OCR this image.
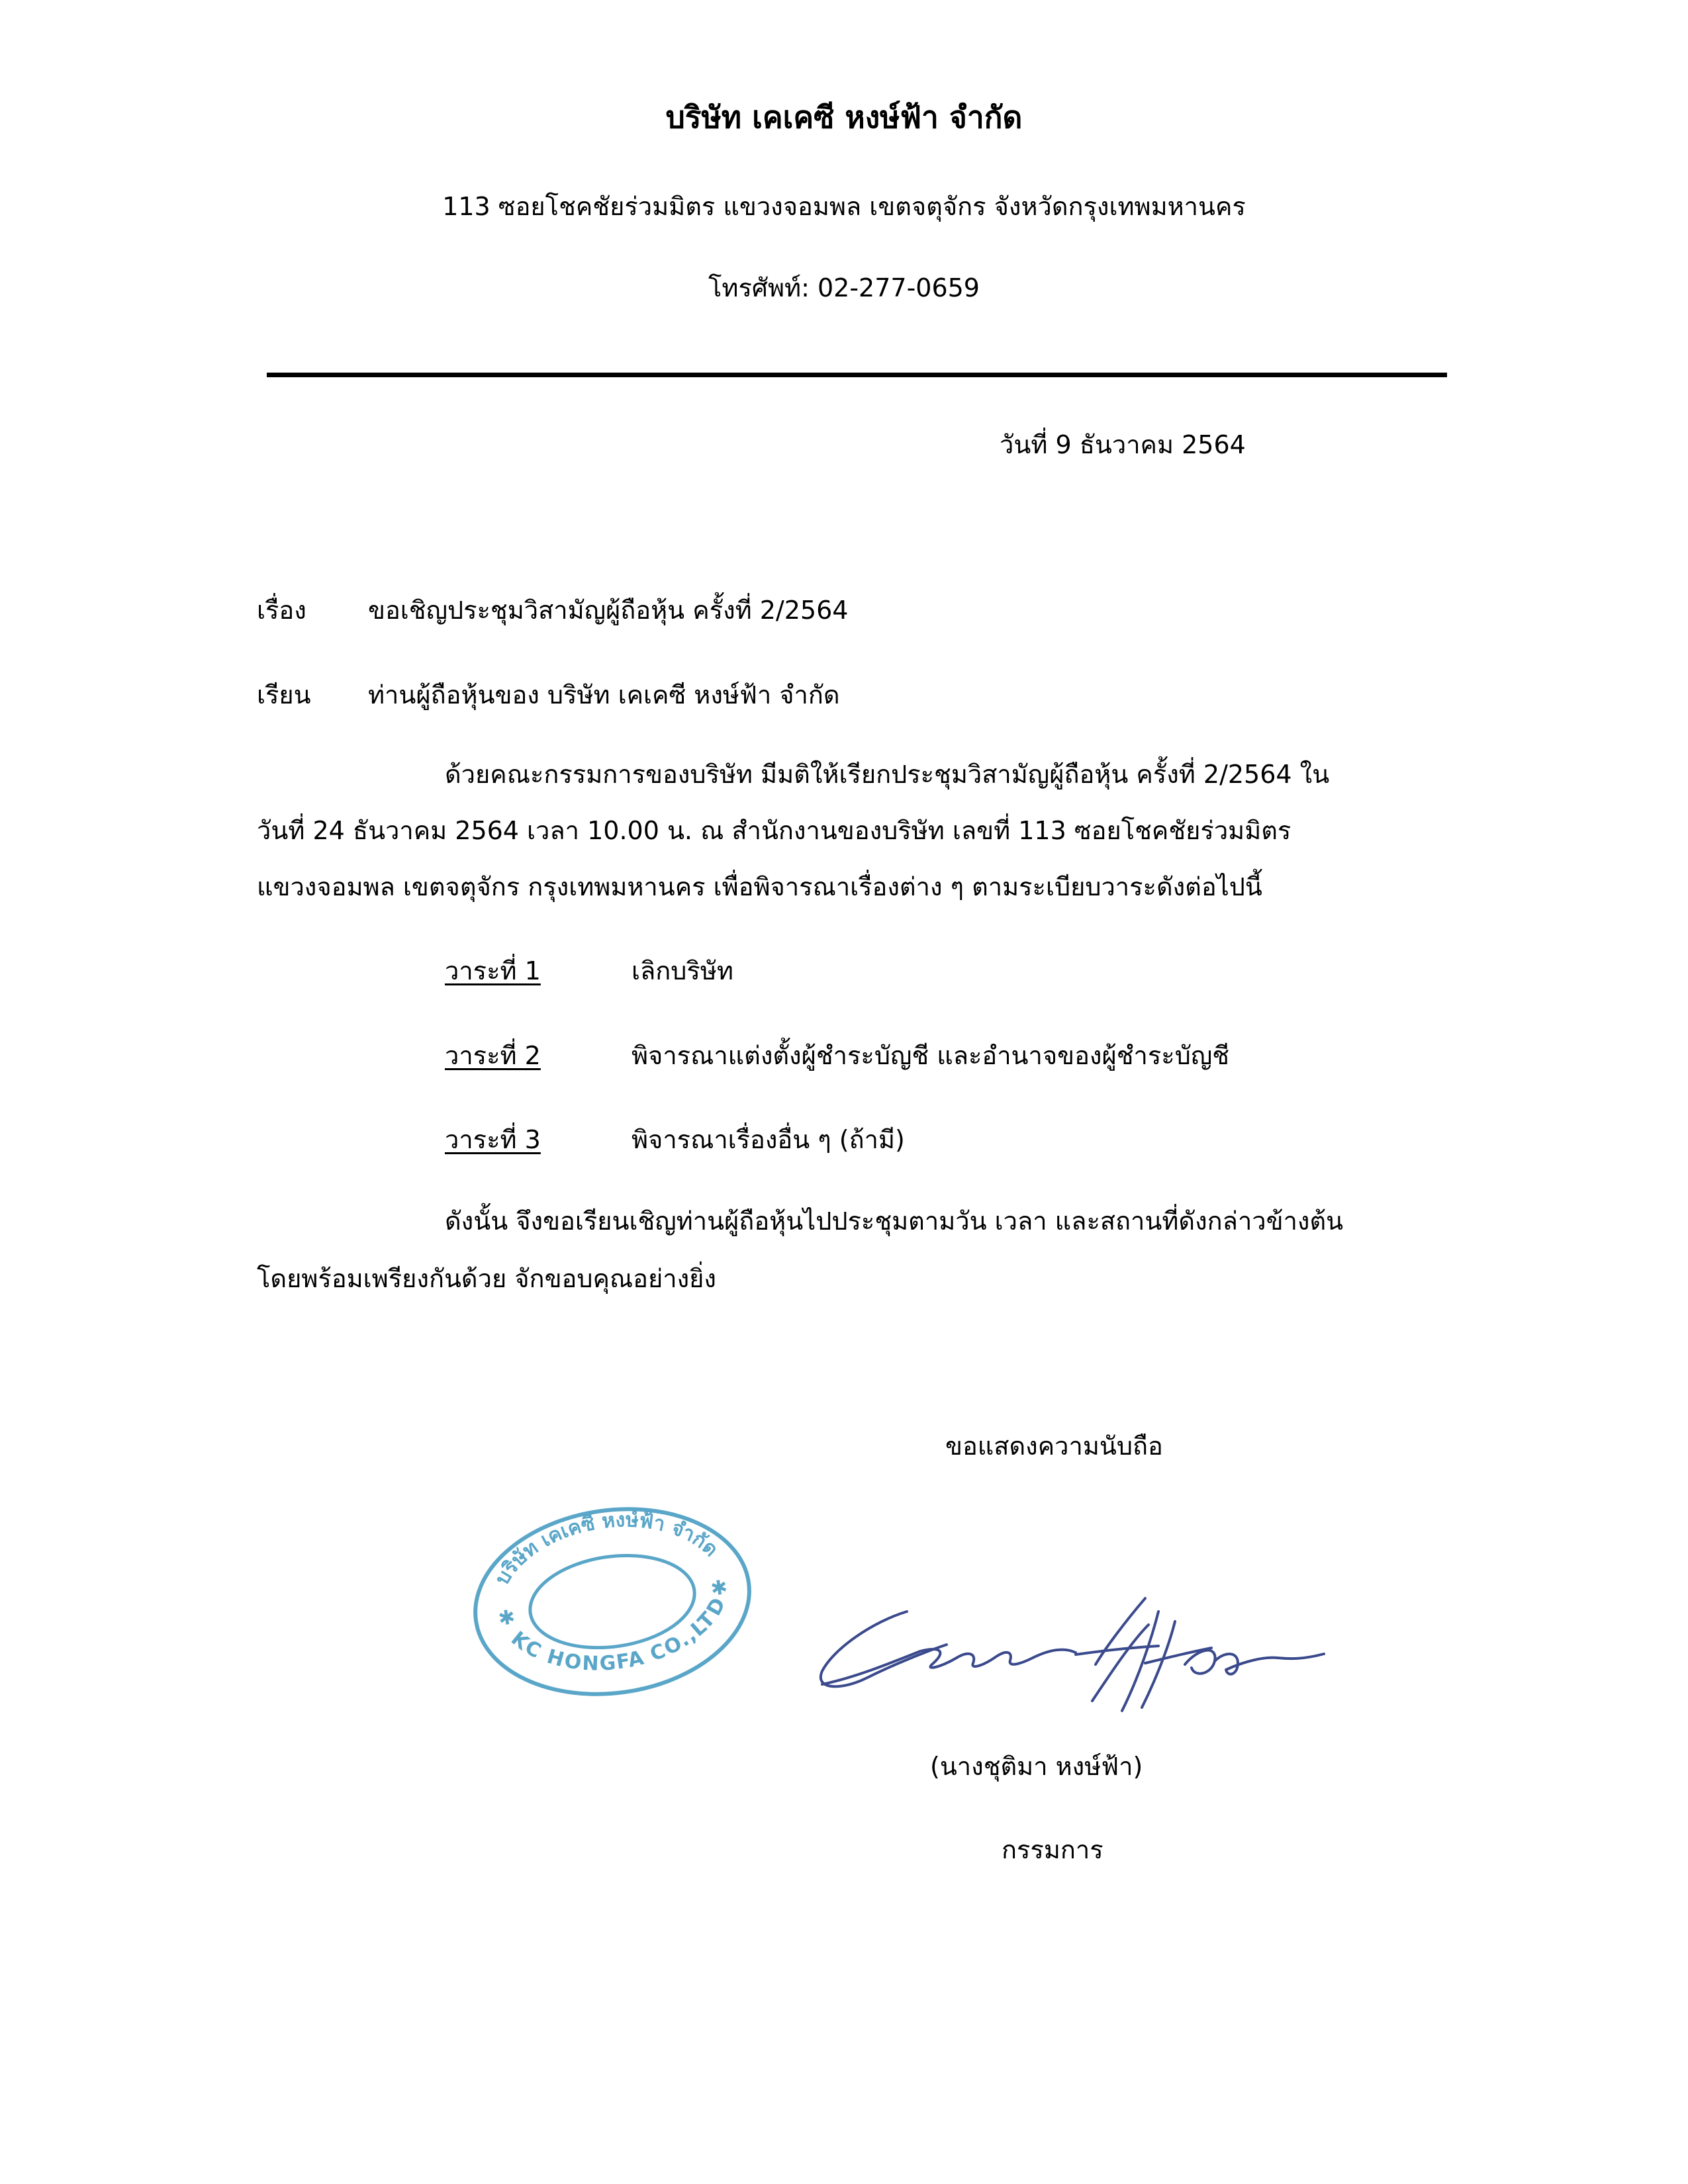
บริษัท เคเคซี หงษ์ฟ้า จำกัด
113 ซอยโชคชัยร่วมมิตร แขวงจอมพล เขตจตุจักร จังหวัดกรุงเทพมหานคร
โทรศัพท์: 02-277-0659
วันที่ 9 ธันวาคม 2564
เรื่อง ขอเชิญประชุมวิสามัญผู้ถือหุ้น ครั้งที่ 2/2564
เรียน ท่านผู้ถือหุ้นของ บริษัท เคเคซี หงษ์ฟ้า จำกัด
ด้วยคณะกรรมการของบริษัท มีมติให้เรียกประชุมวิสามัญผู้ถือหุ้น ครั้งที่ 2/2564 ใน
วันที่ 24 ธันวาคม 2564 เวลา 10.00 น. ณ สำนักงานของบริษัท เลขที่ 113 ซอยโชคชัยร่วมมิตร
แขวงจอมพล เขตจตุจักร กรุงเทพมหานคร เพื่อพิจารณาเรื่องต่าง ๆ ตามระเบียบวาระดังต่อไปนี้
วาระที่ 1	เลิกบริษัท
วาระที่ 2	พิจารณาแต่งตั้งผู้ชำระบัญชี และอำนาจของผู้ชำระบัญชี
วาระที่ 3	พิจารณาเรื่องอื่น ๆ (ถ้ามี)
ดังนั้น จึงขอเรียนเชิญท่านผู้ถือหุ้นไปประชุมตามวัน เวลา และสถานที่ดังกล่าวข้างต้น
โดยพร้อมเพรียงกันด้วย จักขอบคุณอย่างยิ่ง
ขอแสดงความนับถือ
บริษัท เคเคซี หงษ์ฟ้า จำกัด
KKC HONGFA CO.,LTD.
✱
✱
(นางชุติมา หงษ์ฟ้า)
กรรมการ
